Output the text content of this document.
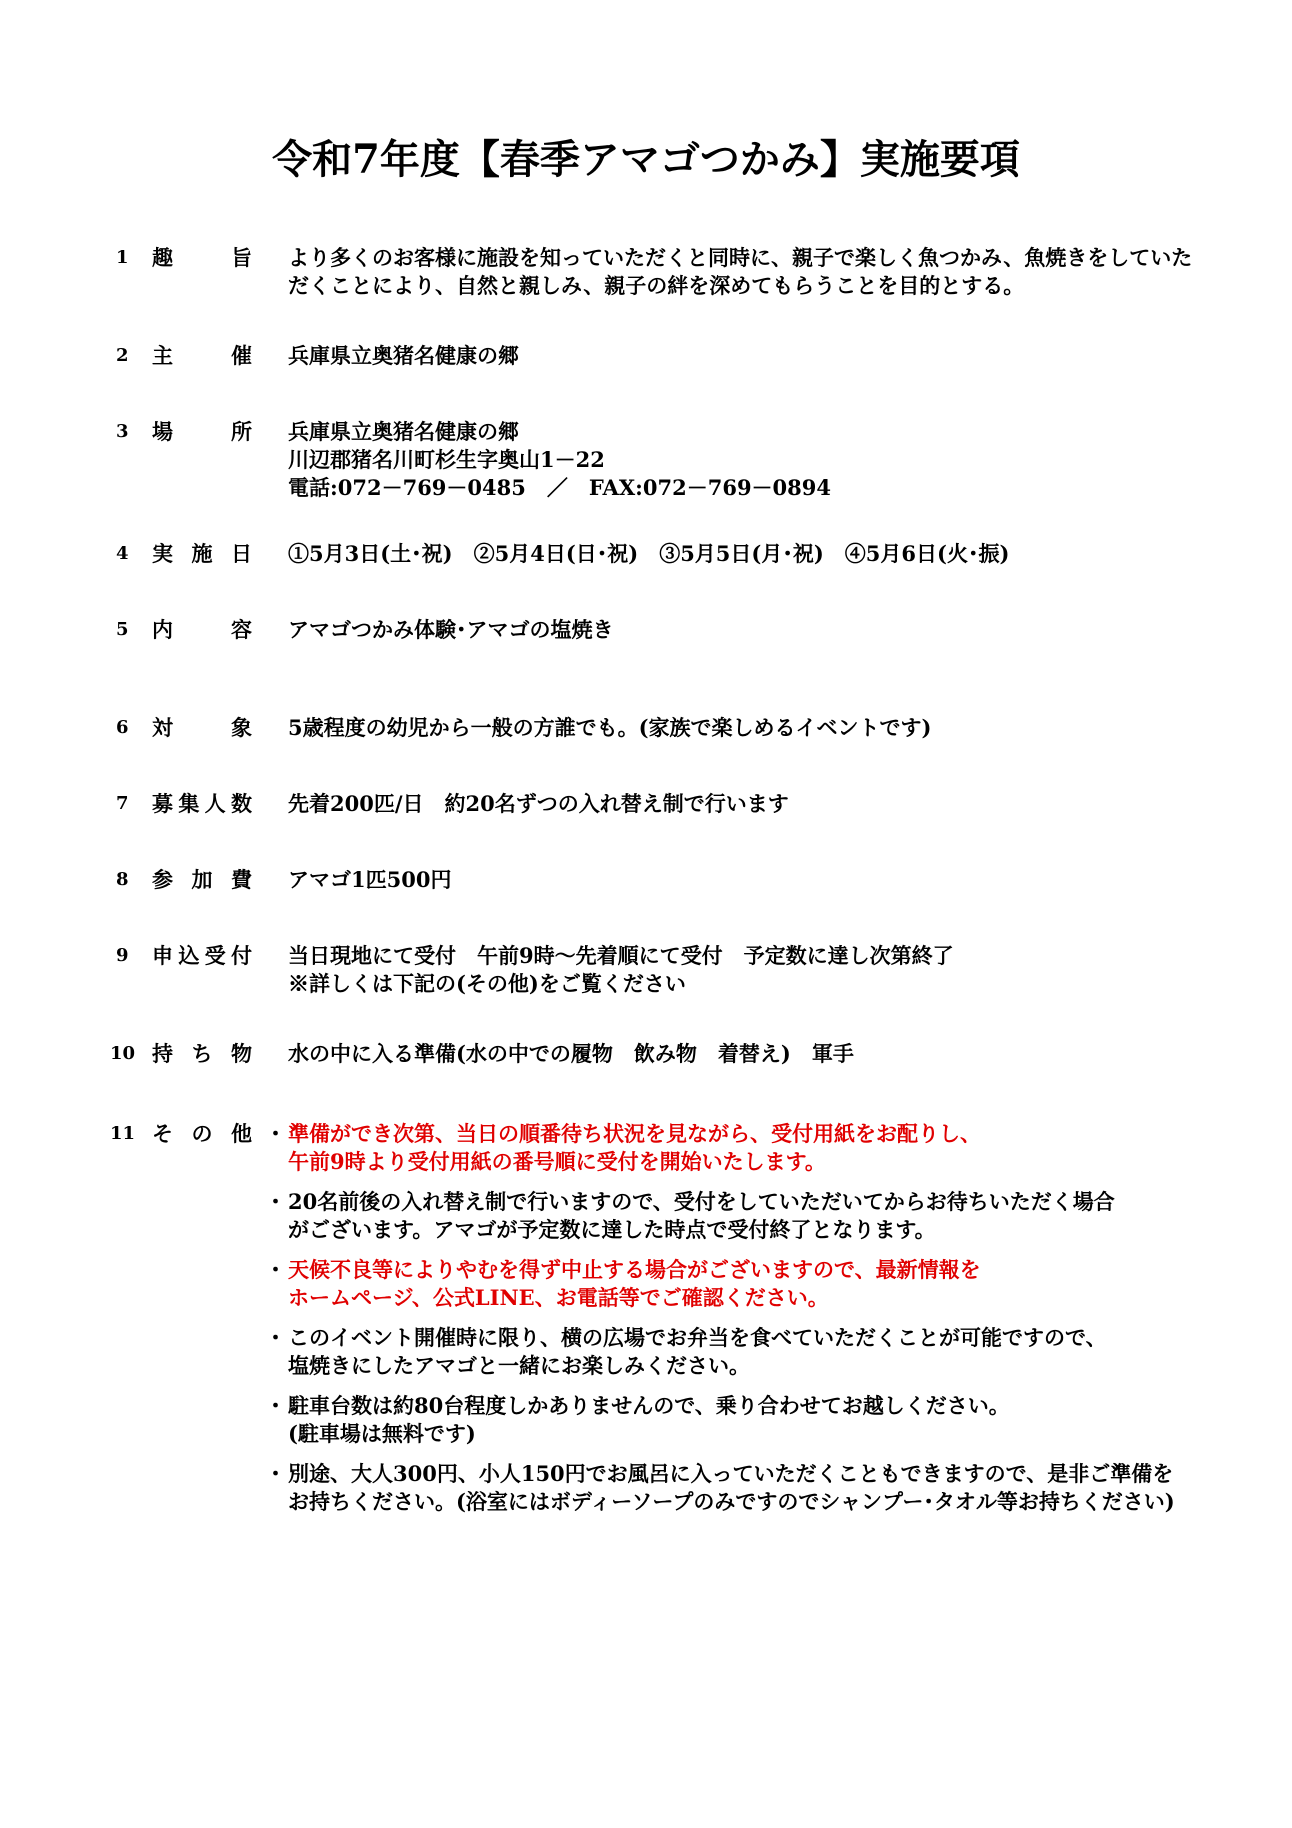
令和7年度【春季アマゴつかみ】実施要項
1	趣	旨 より多くのお客様に施設を知っていただくと同時に、親子で楽しく魚つかみ、魚焼きをしていた
だくことにより、自然と親しみ、親子の絆を深めてもらうことを目的とする。
2	主	催 兵庫県立奥猪名健康の郷
3	場	所 兵庫県立奥猪名健康の郷
川辺郡猪名川町杉生字奥山1－22
電話:072－769－0485　／　FAX:072－769－0894
4	実 施 日 ①5月3日(土･祝)　②5月4日(日･祝)　③5月5日(月･祝)　④5月6日(火･振)
5	内	容 アマゴつかみ体験･アマゴの塩焼き
6	対	象 5歳程度の幼児から一般の方誰でも。(家族で楽しめるイベントです)
7	募 集 人 数 先着200匹/日　約20名ずつの入れ替え制で行います
8	参 加 費 アマゴ1匹500円
9	申 込 受 付 当日現地にて受付　午前9時～先着順にて受付　予定数に達し次第終了
※詳しくは下記の(その他)をご覧ください
10 持 ち 物 水の中に入る準備(水の中での履物　飲み物　着替え)　軍手
11 そ の 他 ・ 準備ができ次第、当日の順番待ち状況を見ながら、受付用紙をお配りし、
午前9時より受付用紙の番号順に受付を開始いたします。
・ 20名前後の入れ替え制で行いますので、受付をしていただいてからお待ちいただく場合
がございます。アマゴが予定数に達した時点で受付終了となります。
・ 天候不良等によりやむを得ず中止する場合がございますので、最新情報を
ホームページ、公式LINE、お電話等でご確認ください。
・ このイベント開催時に限り、横の広場でお弁当を食べていただくことが可能ですので、
塩焼きにしたアマゴと一緒にお楽しみください。
・ 駐車台数は約80台程度しかありませんので、乗り合わせてお越しください。
(駐車場は無料です)
・ 別途、大人300円、小人150円でお風呂に入っていただくこともできますので、是非ご準備を
お持ちください。(浴室にはボディーソープのみですのでシャンプー･タオル等お持ちください)
